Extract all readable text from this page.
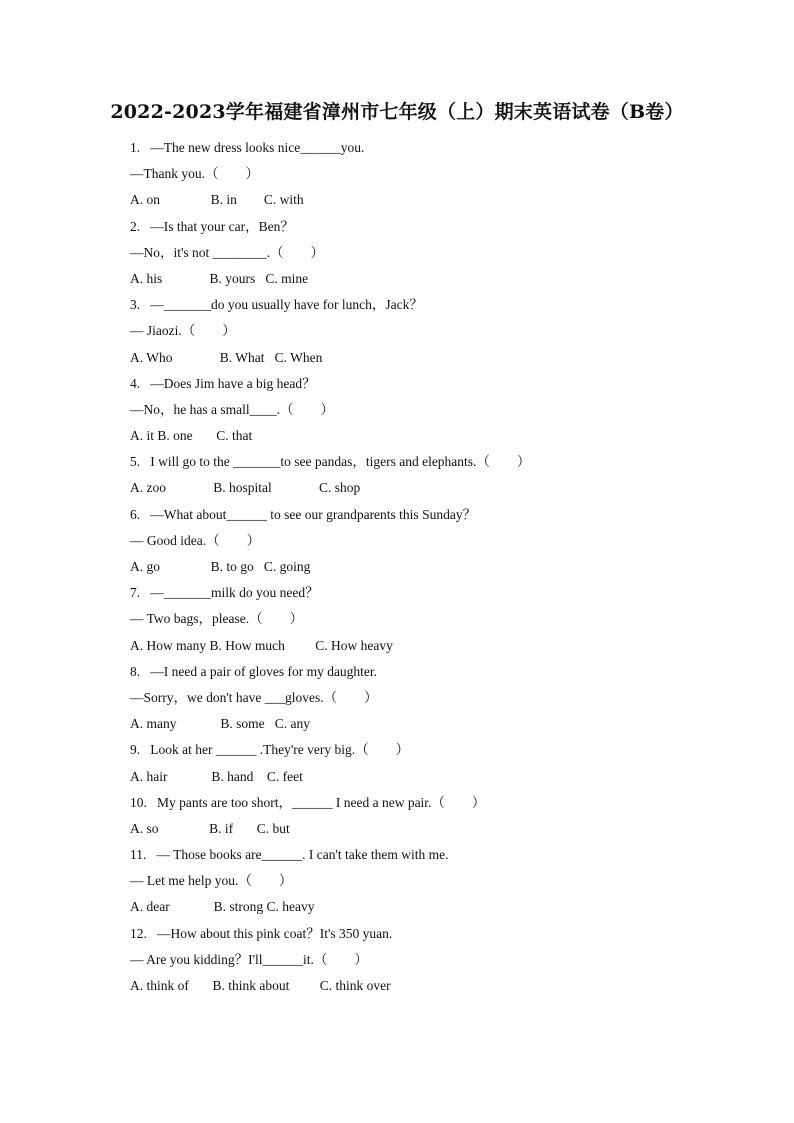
2022-2023学年福建省漳州市七年级（上）期末英语试卷（B卷）
1. —The new dress looks nice______you.
—Thank you.（　　）
A. on               B. in        C. with
2. —Is that your car，Ben？
—No，it's not ________.（　　）
A. his              B. yours   C. mine
3. —_______do you usually have for lunch，Jack？
— Jiaozi.（　　）
A. Who              B. What   C. When
4. —Does Jim have a big head？
—No，he has a small____.（　　）
A. it B. one       C. that
5. I will go to the _______to see pandas，tigers and elephants.（　　）
A. zoo              B. hospital              C. shop
6. —What about______ to see our grandparents this Sunday？
— Good idea.（　　）
A. go               B. to go   C. going
7. —_______milk do you need？
— Two bags，please.（　　）
A. How many B. How much         C. How heavy
8. —I need a pair of gloves for my daughter.
—Sorry，we don't have ___gloves.（　　）
A. many             B. some   C. any
9. Look at her ______ .They're very big.（　　）
A. hair             B. hand    C. feet
10. My pants are too short，______ I need a new pair.（　　）
A. so               B. if       C. but
11. — Those books are______. I can't take them with me.
— Let me help you.（　　）
A. dear             B. strong C. heavy
12. —How about this pink coat？It's 350 yuan.
— Are you kidding？I'll______it.（　　）
A. think of       B. think about         C. think over
